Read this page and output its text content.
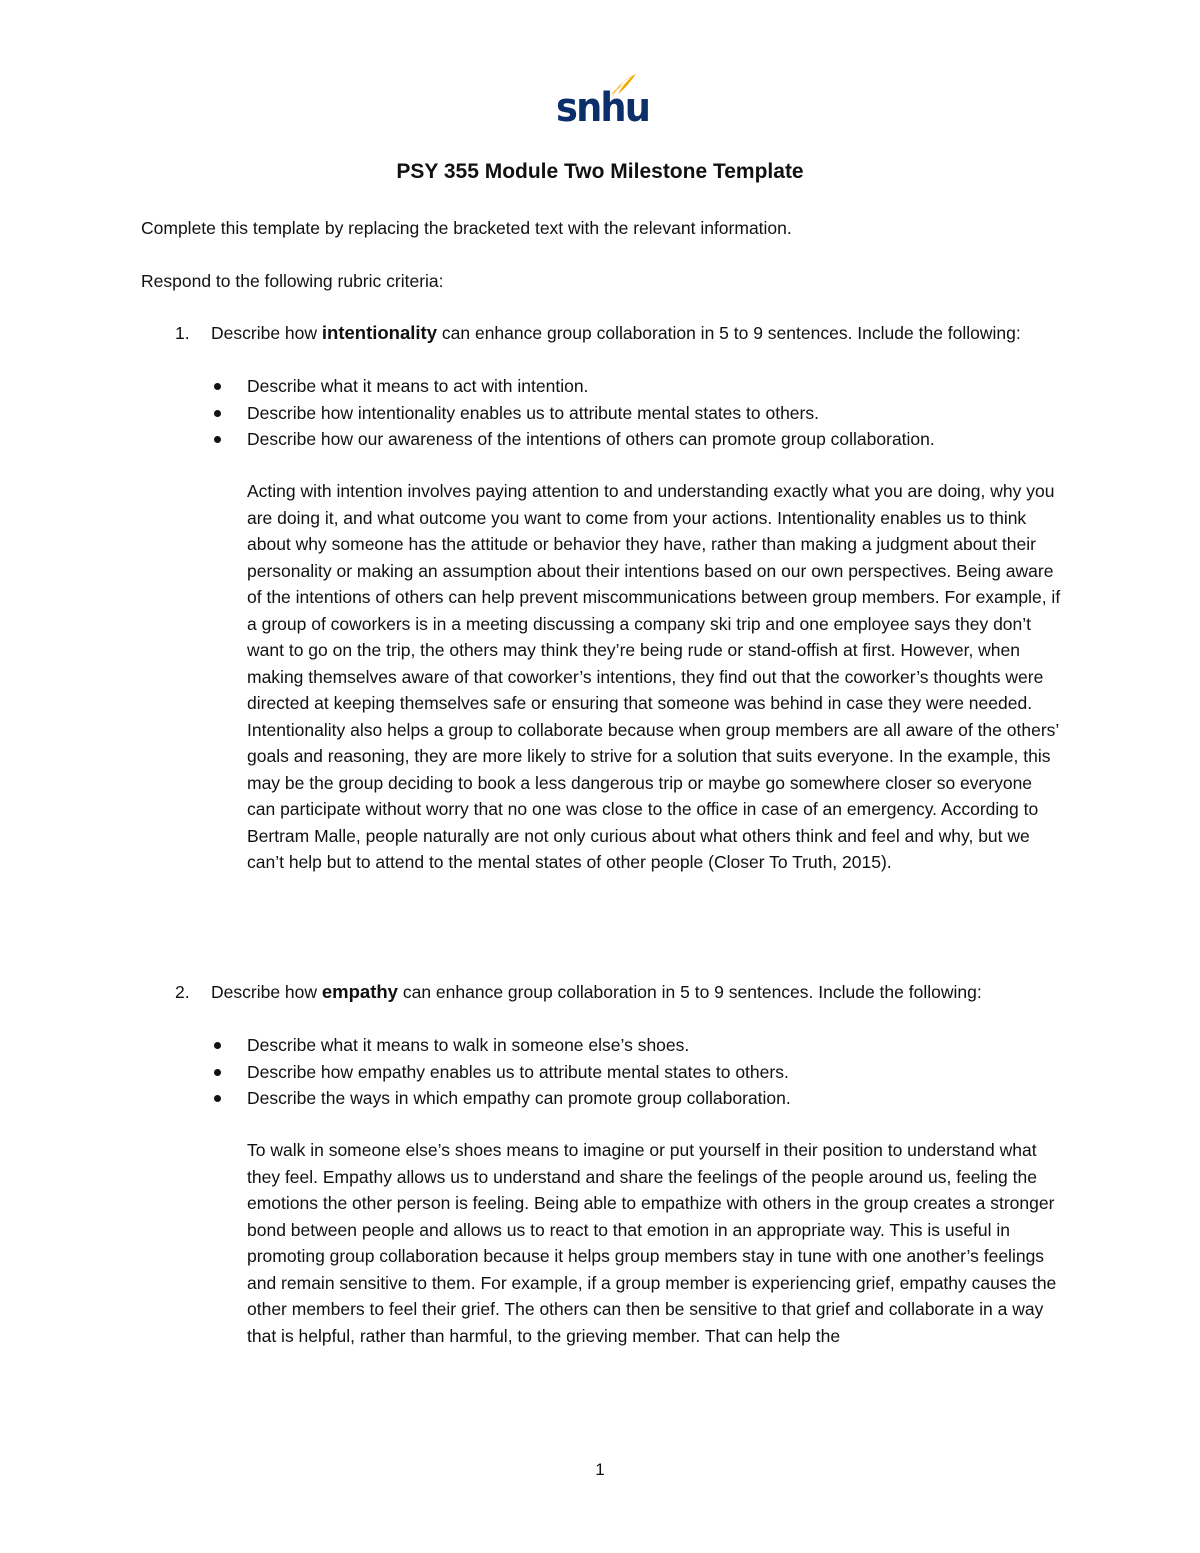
snhu
PSY 355 Module Two Milestone Template

Complete this template by replacing the bracketed text with the relevant information.

Respond to the following rubric criteria:

1. Describe how intentionality can enhance group collaboration in 5 to 9 sentences. Include the following:
Describe what it means to act with intention.
Describe how intentionality enables us to attribute mental states to others.
Describe how our awareness of the intentions of others can promote group collaboration.

Acting with intention involves paying attention to and understanding exactly what you are doing, why you are doing it, and what outcome you want to come from your actions. Intentionality enables us to think about why someone has the attitude or behavior they have, rather than making a judgment about their personality or making an assumption about their intentions based on our own perspectives. Being aware of the intentions of others can help prevent miscommunications between group members. For example, if a group of coworkers is in a meeting discussing a company ski trip and one employee says they don’t want to go on the trip, the others may think they’re being rude or stand-offish at first. However, when making themselves aware of that coworker’s intentions, they find out that the coworker’s thoughts were directed at keeping themselves safe or ensuring that someone was behind in case they were needed. Intentionality also helps a group to collaborate because when group members are all aware of the others’ goals and reasoning, they are more likely to strive for a solution that suits everyone. In the example, this may be the group deciding to book a less dangerous trip or maybe go somewhere closer so everyone can participate without worry that no one was close to the office in case of an emergency. According to Bertram Malle, people naturally are not only curious about what others think and feel and why, but we can’t help but to attend to the mental states of other people (Closer To Truth, 2015).

2. Describe how empathy can enhance group collaboration in 5 to 9 sentences. Include the following:
Describe what it means to walk in someone else’s shoes.
Describe how empathy enables us to attribute mental states to others.
Describe the ways in which empathy can promote group collaboration.

To walk in someone else’s shoes means to imagine or put yourself in their position to understand what they feel. Empathy allows us to understand and share the feelings of the people around us, feeling the emotions the other person is feeling. Being able to empathize with others in the group creates a stronger bond between people and allows us to react to that emotion in an appropriate way. This is useful in promoting group collaboration because it helps group members stay in tune with one another’s feelings and remain sensitive to them. For example, if a group member is experiencing grief, empathy causes the other members to feel their grief. The others can then be sensitive to that grief and collaborate in a way that is helpful, rather than harmful, to the grieving member. That can help the

1
